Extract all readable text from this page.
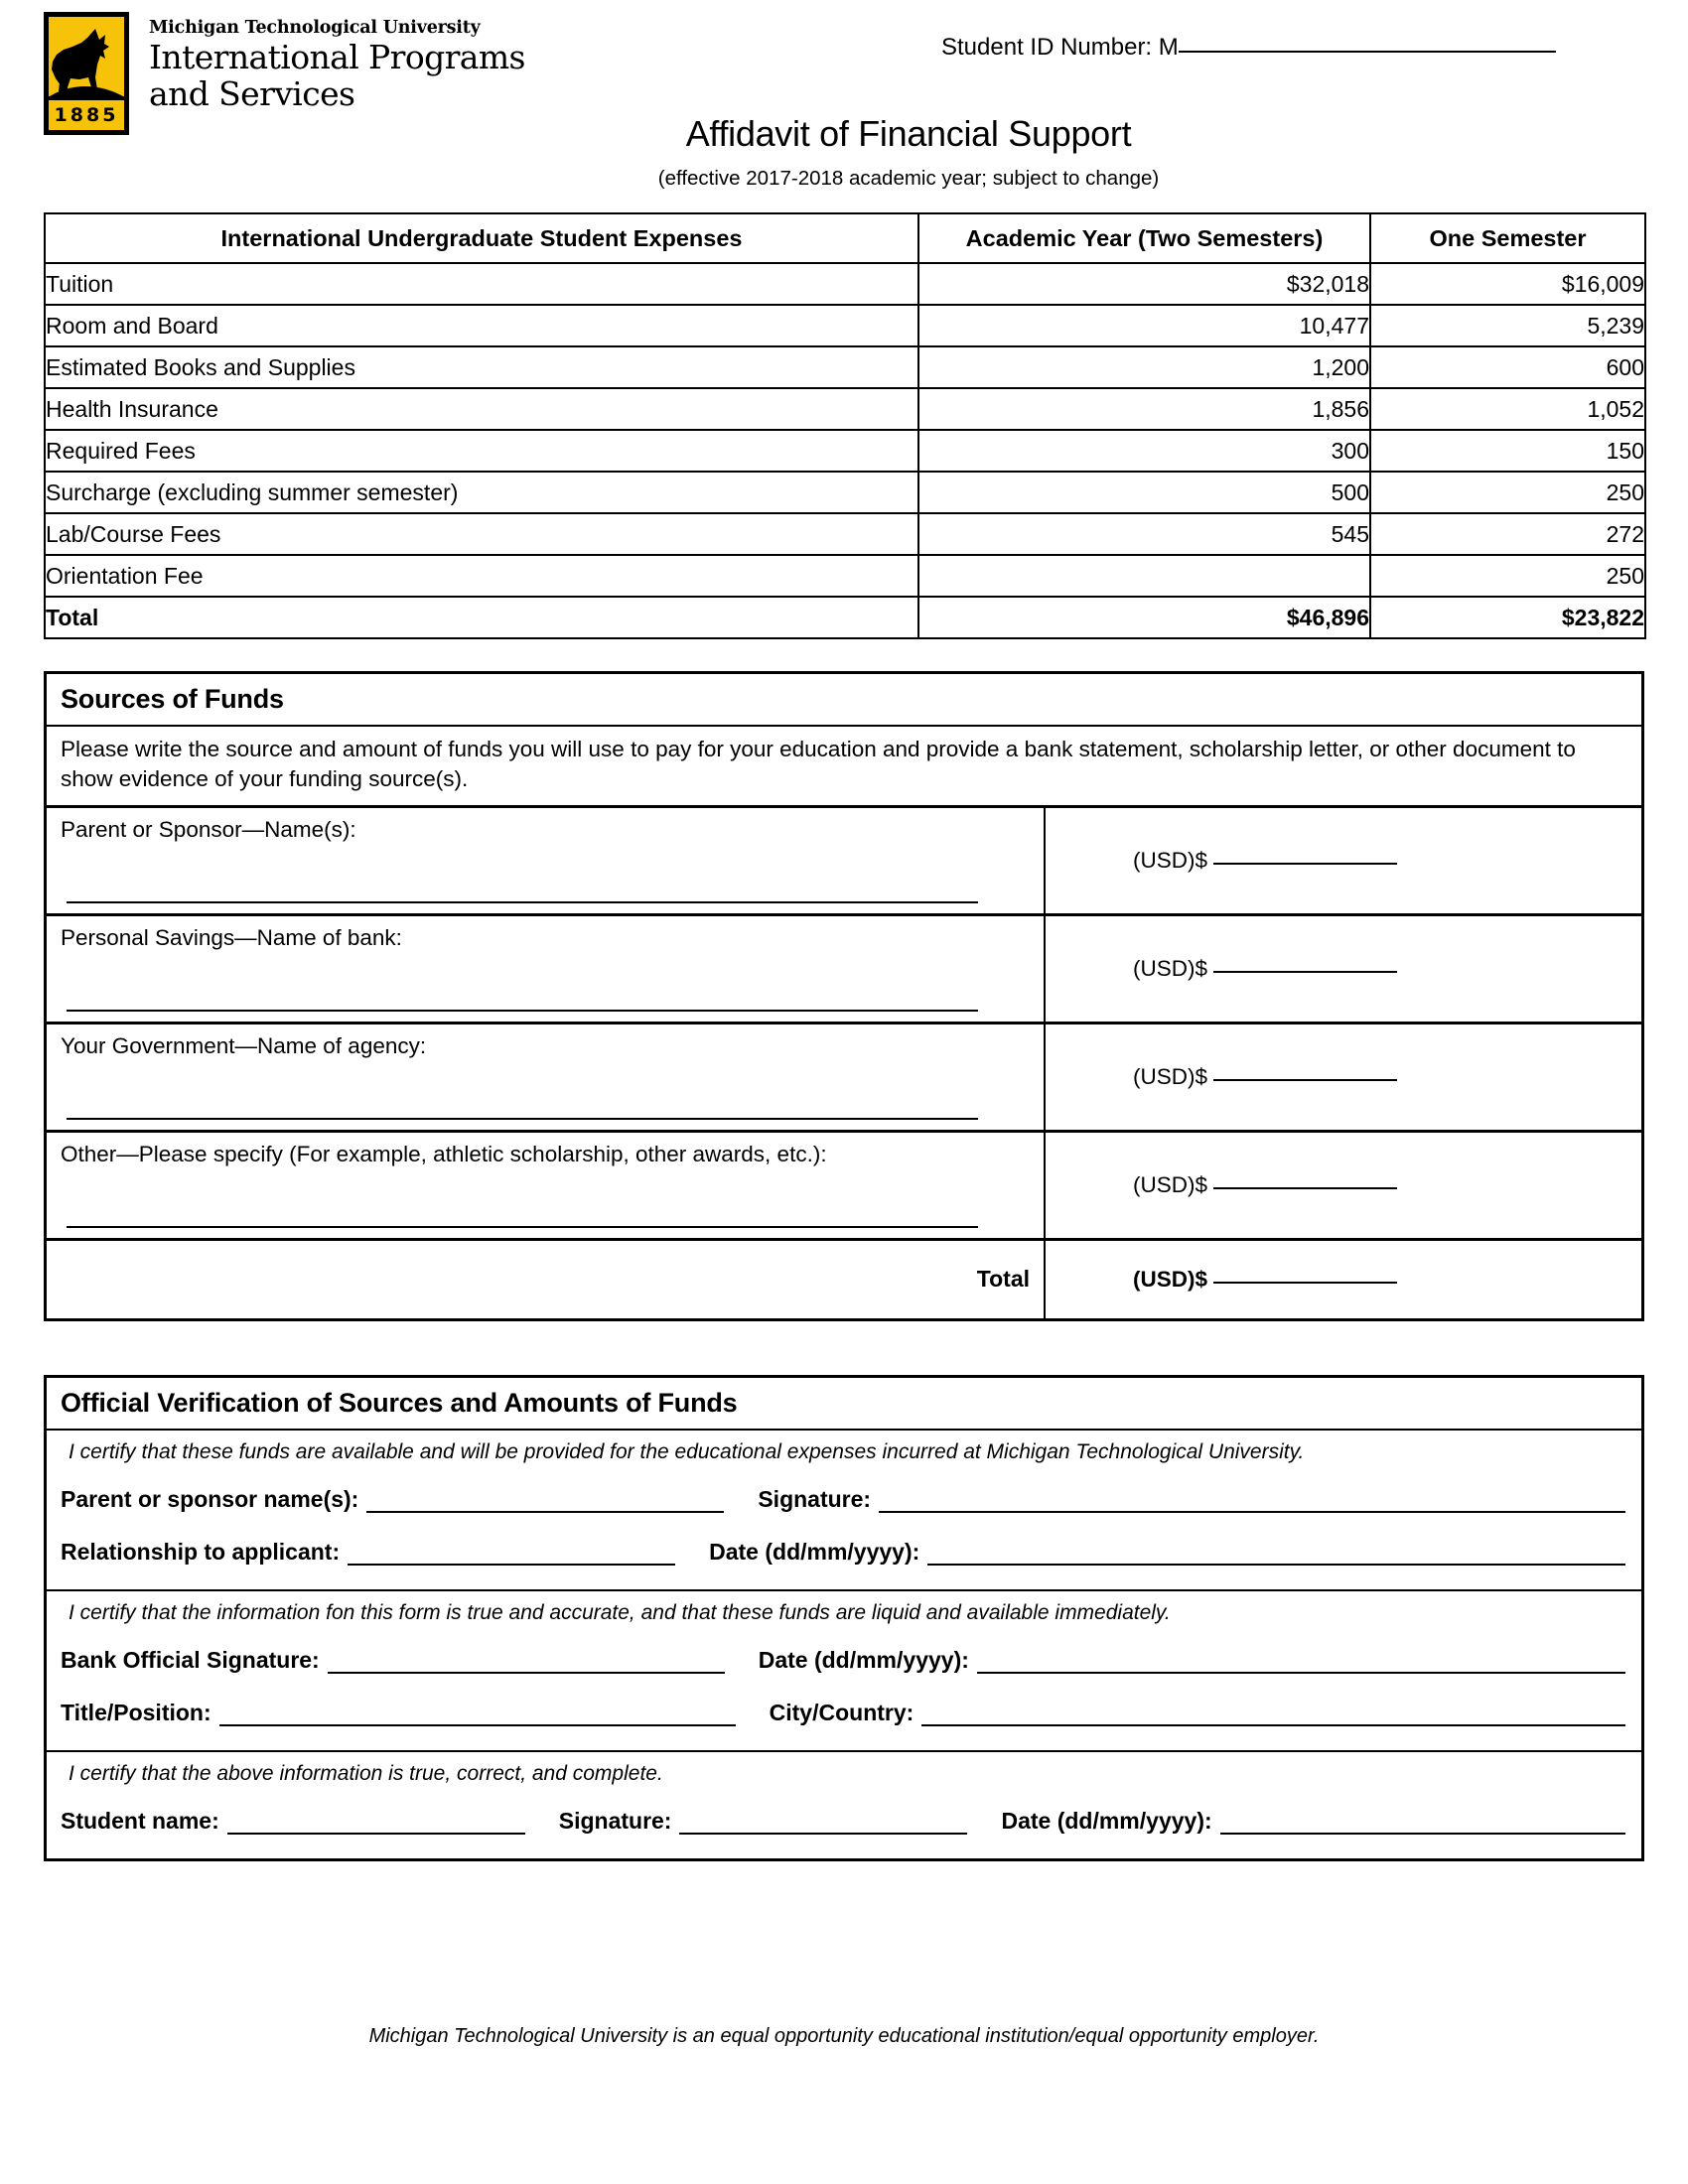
1885
Michigan Technological University
International Programs
and Services
Student ID Number: M
Affidavit of Financial Support
(effective 2017-2018 academic year; subject to change)
International Undergraduate Student Expenses	Academic Year (Two Semesters)	One Semester
Tuition	$32,018	$16,009
Room and Board	10,477	5,239
Estimated Books and Supplies	1,200	600
Health Insurance	1,856	1,052
Required Fees	300	150
Surcharge (excluding summer semester)	500	250
Lab/Course Fees	545	272
Orientation Fee		250
Total	$46,896	$23,822
Sources of Funds
Please write the source and amount of funds you will use to pay for your education and provide a bank statement, scholarship letter, or other document to show evidence of your funding source(s).
Parent or Sponsor—Name(s):
(USD)$
Personal Savings—Name of bank:
(USD)$
Your Government—Name of agency:
(USD)$
Other—Please specify (For example, athletic scholarship, other awards, etc.):
(USD)$
Total	(USD)$
Official Verification of Sources and Amounts of Funds
I certify that these funds are available and will be provided for the educational expenses incurred at Michigan Technological University.
Parent or sponsor name(s):	Signature:
Relationship to applicant:	Date (dd/mm/yyyy):
I certify that the information fon this form is true and accurate, and that these funds are liquid and available immediately.
Bank Official Signature:	Date (dd/mm/yyyy):
Title/Position:	City/Country:
I certify that the above information is true, correct, and complete.
Student name:	Signature:	Date (dd/mm/yyyy):
Michigan Technological University is an equal opportunity educational institution/equal opportunity employer.
